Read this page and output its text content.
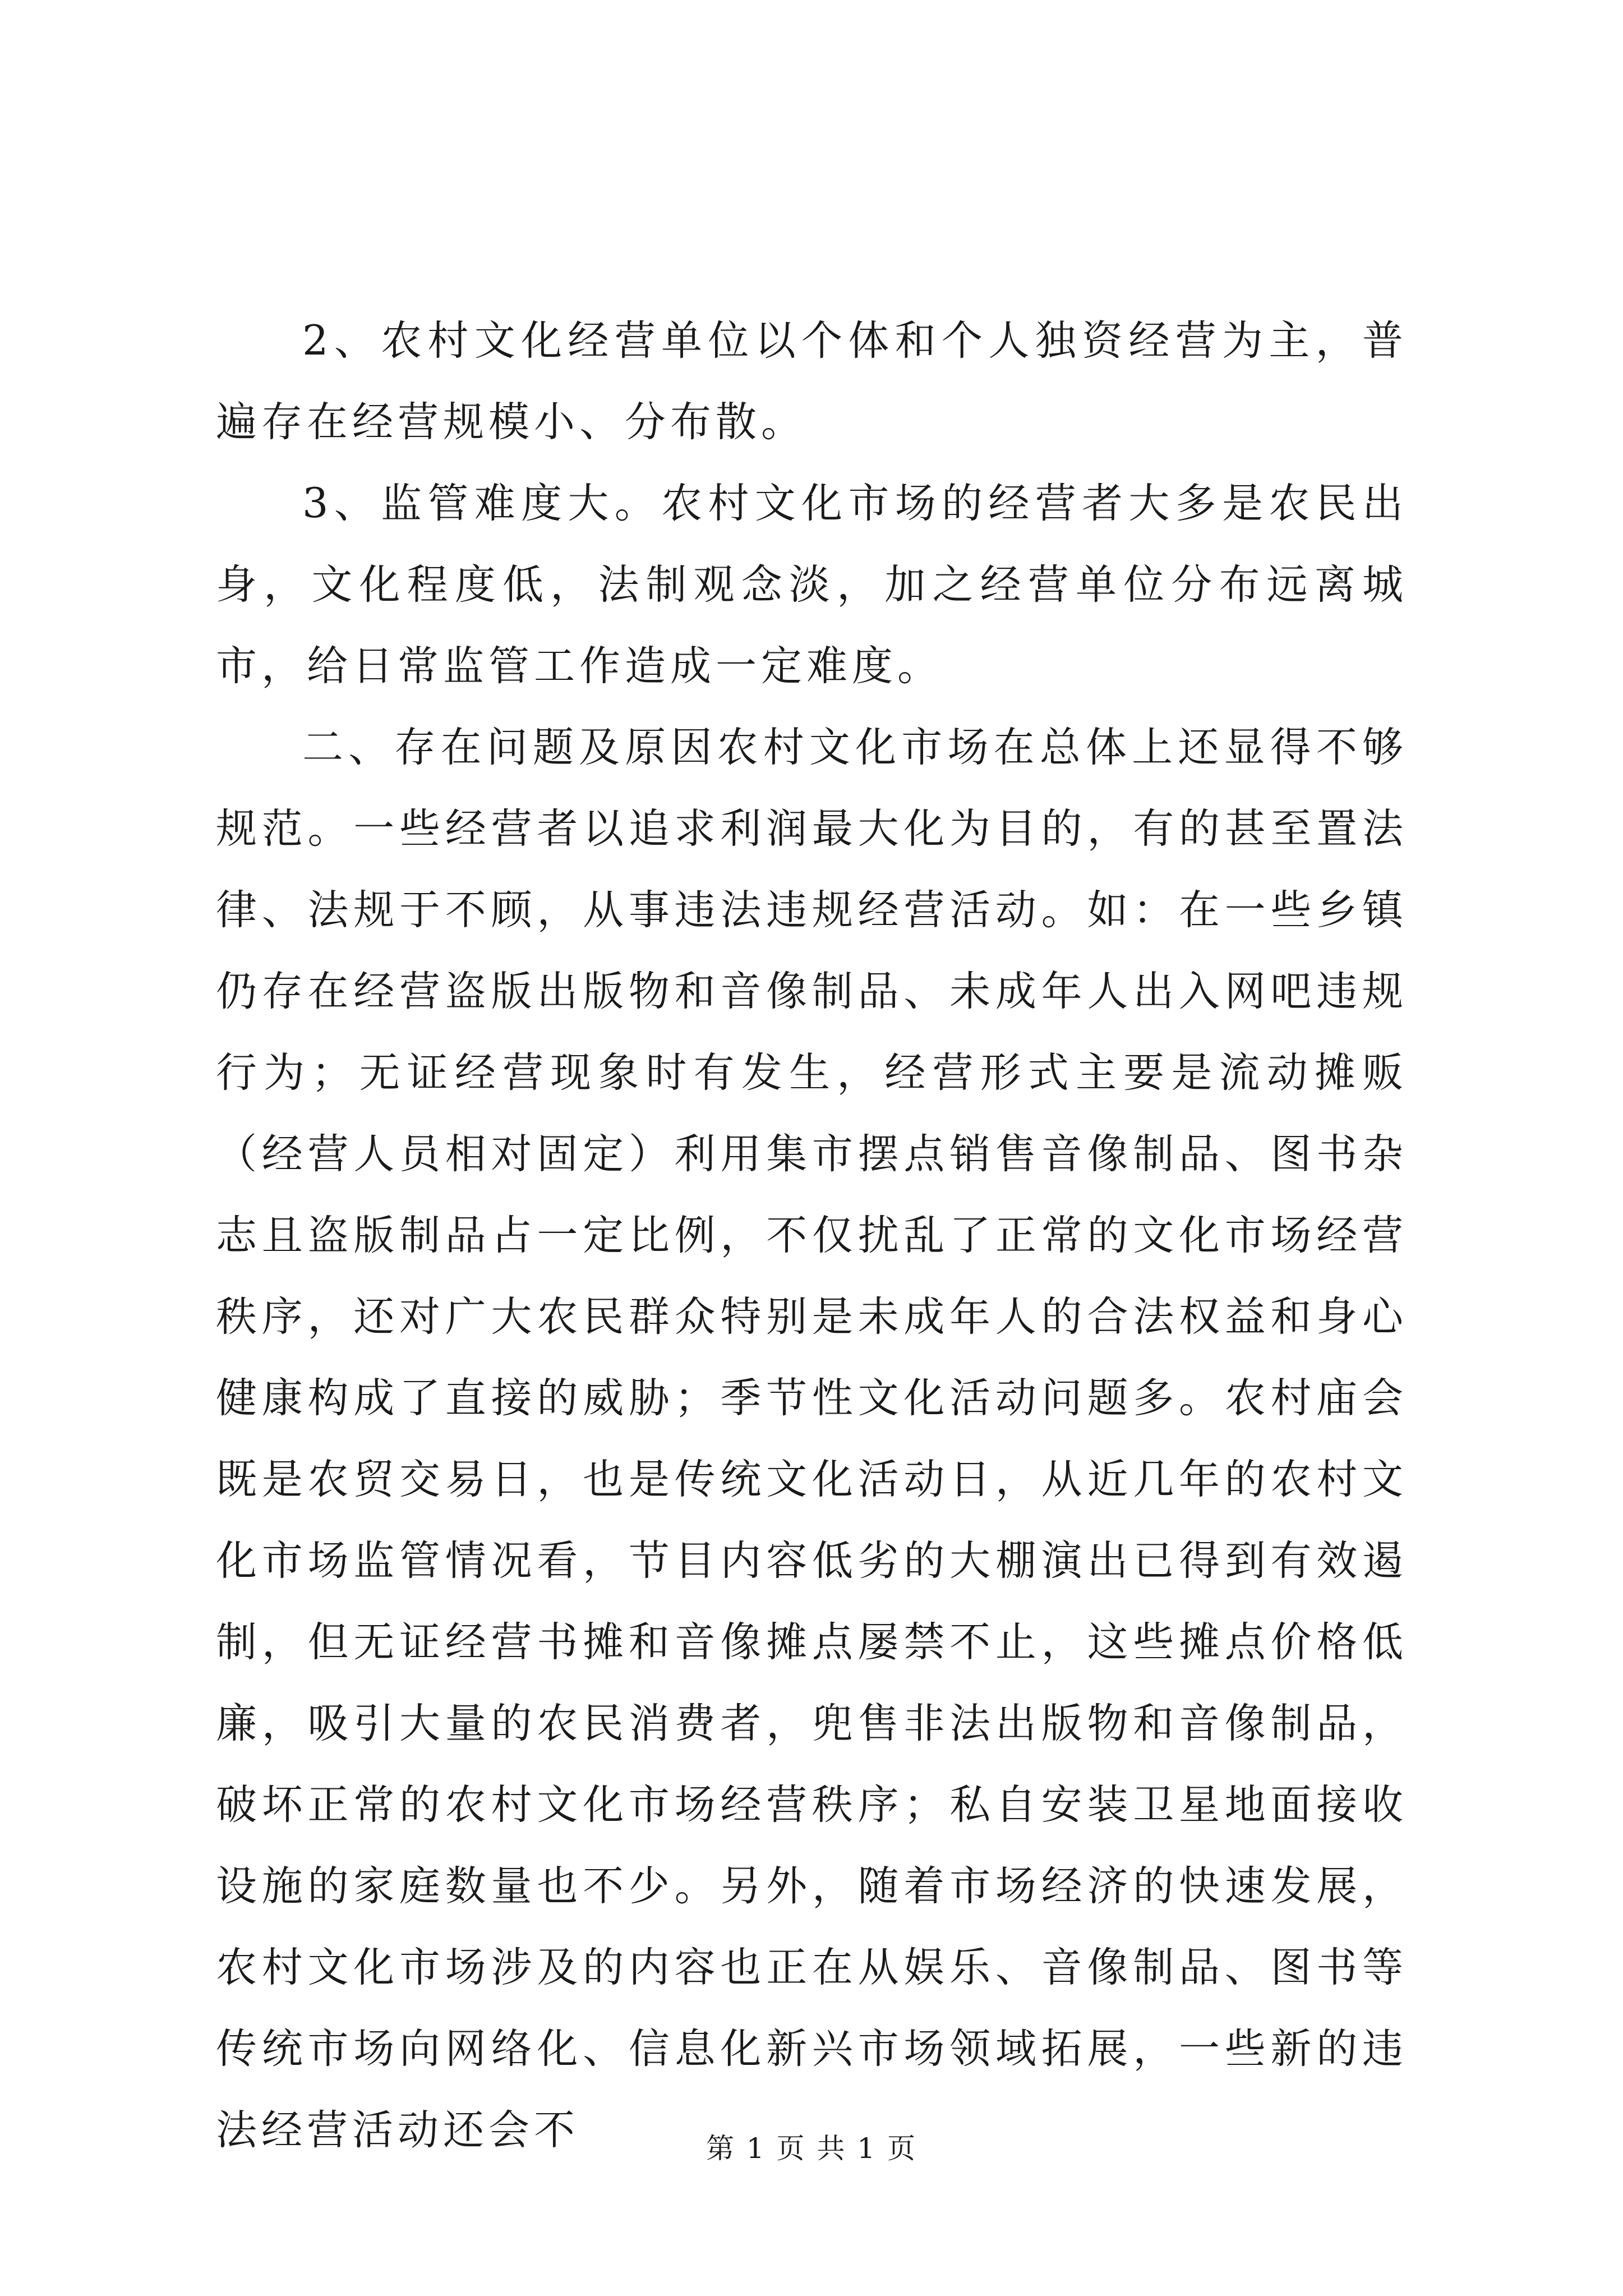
2、农村文化经营单位以个体和个人独资经营为主，普遍存在经营规模小、分布散。

3、监管难度大。农村文化市场的经营者大多是农民出身，文化程度低，法制观念淡，加之经营单位分布远离城市，给日常监管工作造成一定难度。

二、存在问题及原因农村文化市场在总体上还显得不够规范。一些经营者以追求利润最大化为目的，有的甚至置法律、法规于不顾，从事违法违规经营活动。如：在一些乡镇仍存在经营盗版出版物和音像制品、未成年人出入网吧违规行为；无证经营现象时有发生，经营形式主要是流动摊贩（经营人员相对固定）利用集市摆点销售音像制品、图书杂志且盗版制品占一定比例，不仅扰乱了正常的文化市场经营秩序，还对广大农民群众特别是未成年人的合法权益和身心健康构成了直接的威胁；季节性文化活动问题多。农村庙会既是农贸交易日，也是传统文化活动日，从近几年的农村文化市场监管情况看，节目内容低劣的大棚演出已得到有效遏制，但无证经营书摊和音像摊点屡禁不止，这些摊点价格低廉，吸引大量的农民消费者，兜售非法出版物和音像制品，破坏正常的农村文化市场经营秩序；私自安装卫星地面接收设施的家庭数量也不少。另外，随着市场经济的快速发展，农村文化市场涉及的内容也正在从娱乐、音像制品、图书等传统市场向网络化、信息化新兴市场领域拓展，一些新的违法经营活动还会不	第 1 页 共 1 页
